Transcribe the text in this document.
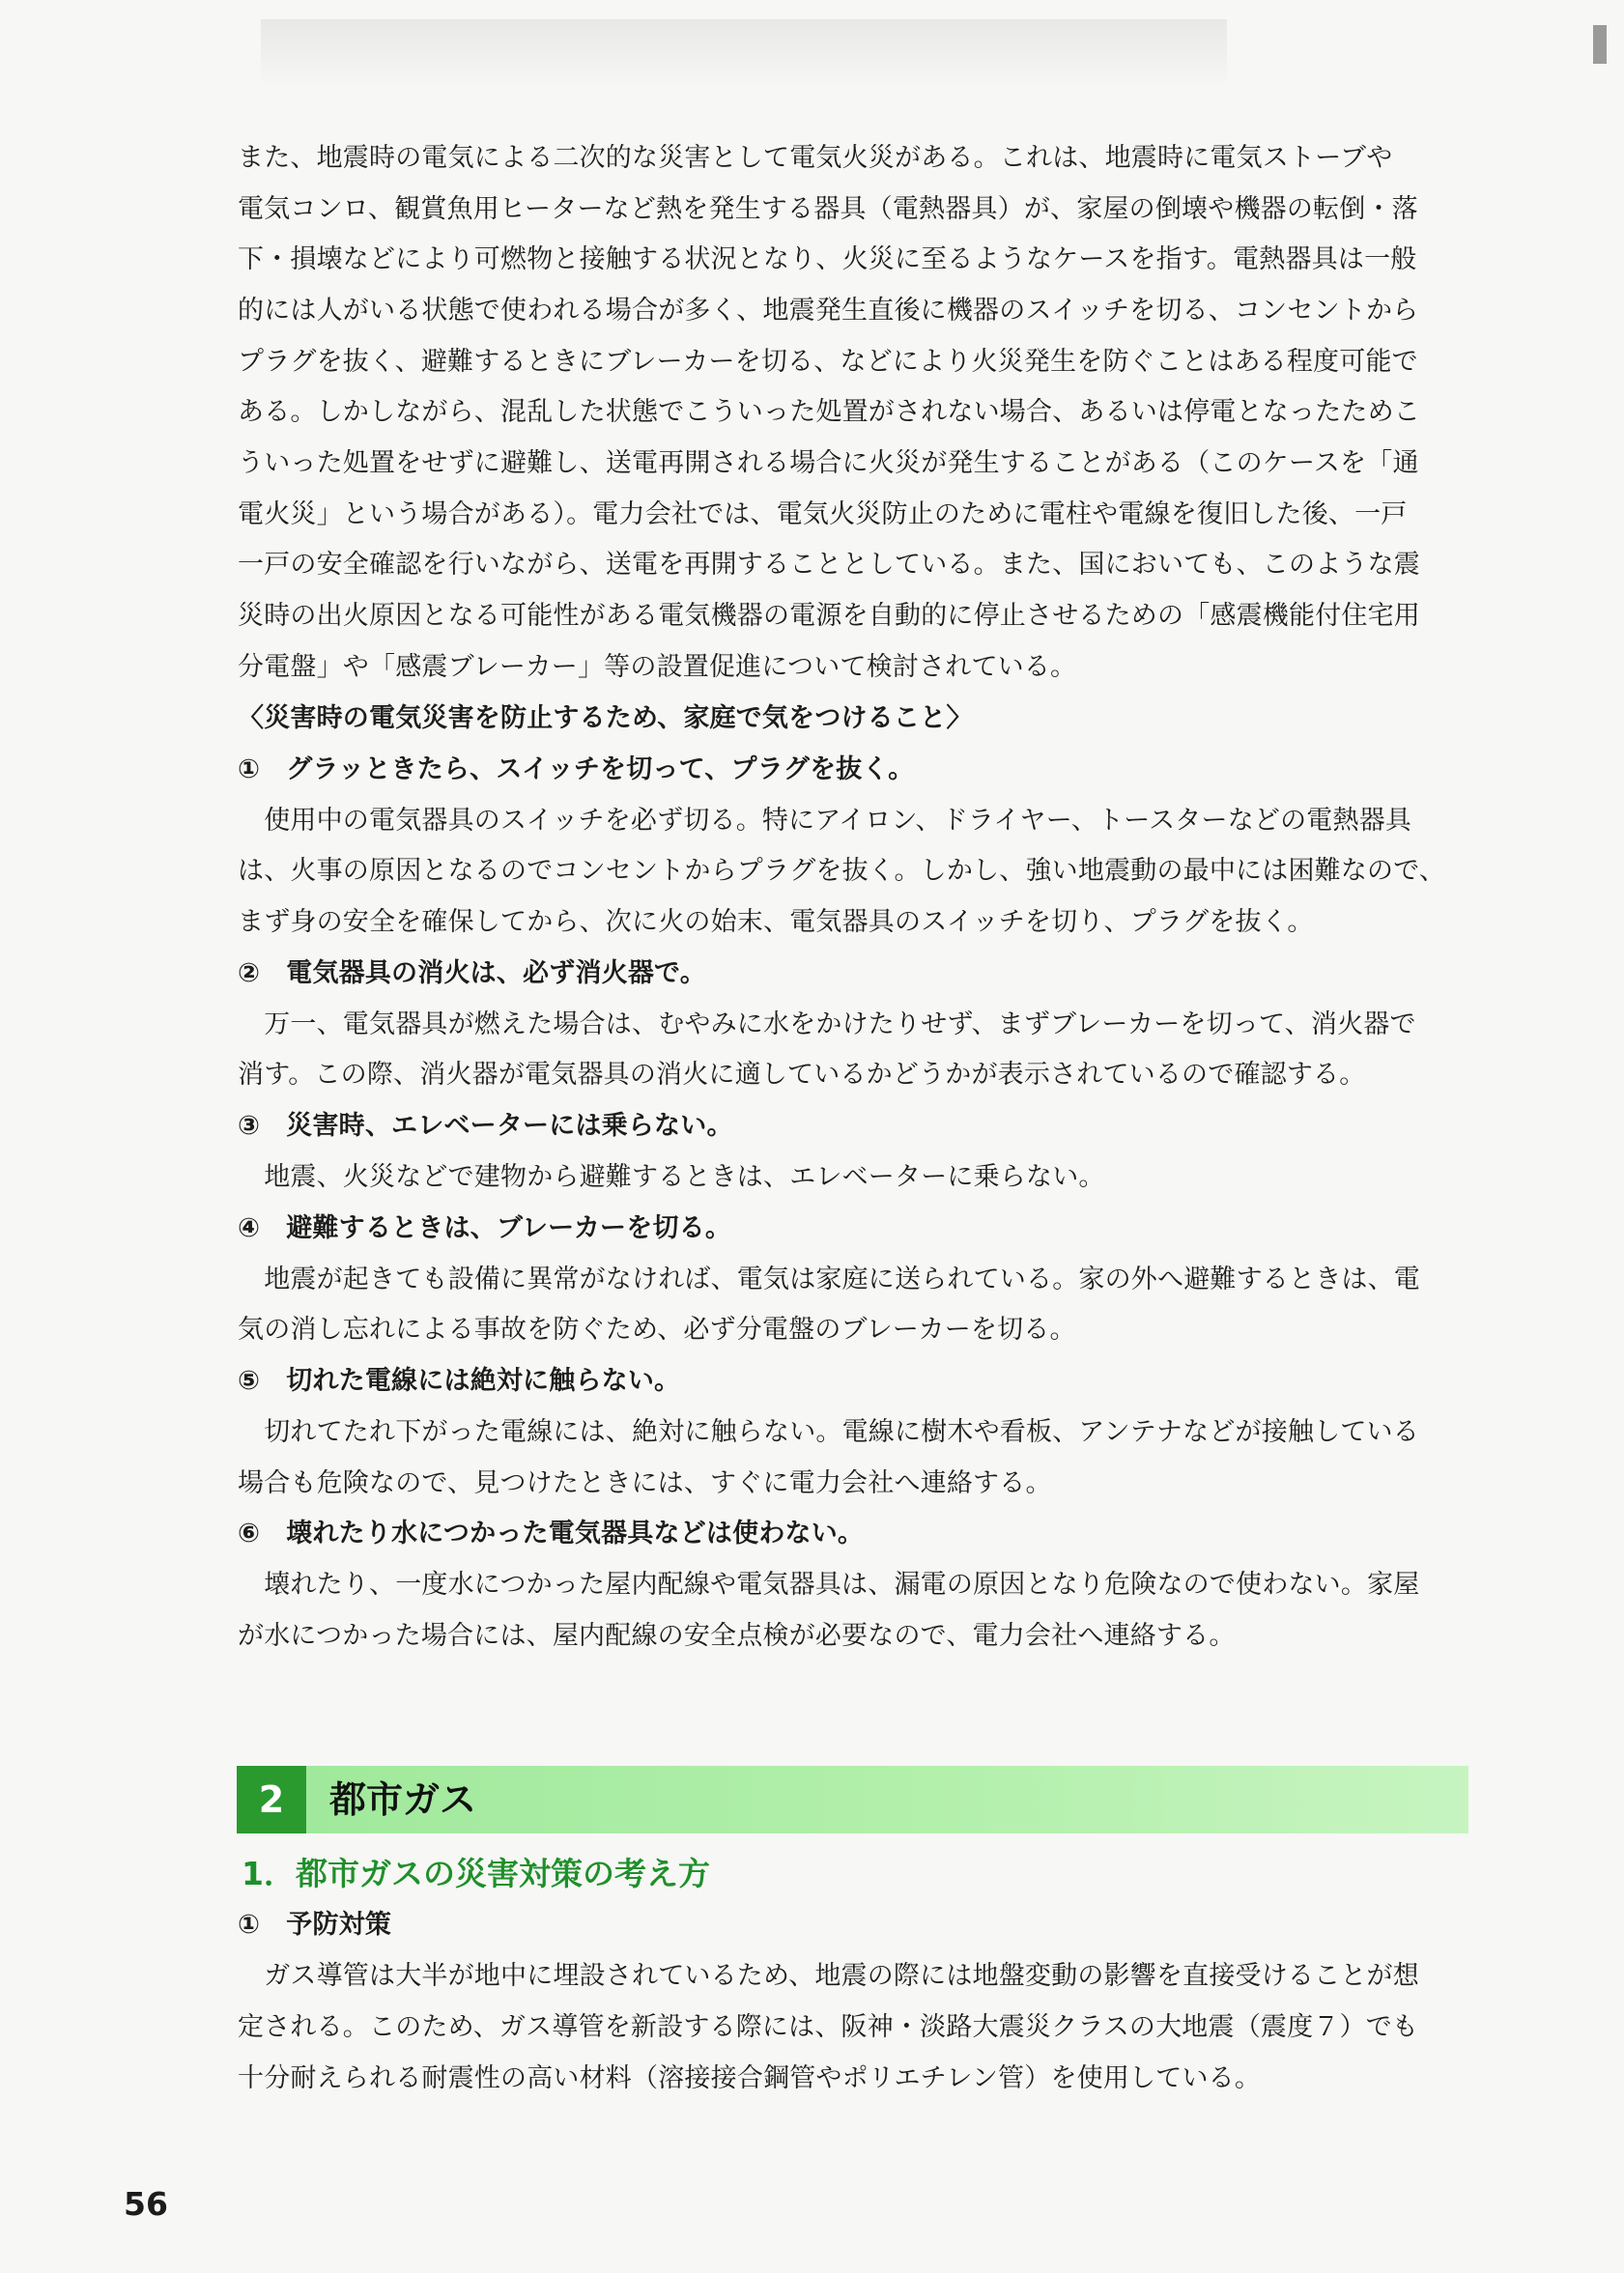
また、地震時の電気による二次的な災害として電気火災がある。これは、地震時に電気ストーブや
電気コンロ、観賞魚用ヒーターなど熱を発生する器具（電熱器具）が、家屋の倒壊や機器の転倒・落
下・損壊などにより可燃物と接触する状況となり、火災に至るようなケースを指す。電熱器具は一般
的には人がいる状態で使われる場合が多く、地震発生直後に機器のスイッチを切る、コンセントから
プラグを抜く、避難するときにブレーカーを切る、などにより火災発生を防ぐことはある程度可能で
ある。しかしながら、混乱した状態でこういった処置がされない場合、あるいは停電となったためこ
ういった処置をせずに避難し、送電再開される場合に火災が発生することがある（このケースを「通
電火災」という場合がある）。電力会社では、電気火災防止のために電柱や電線を復旧した後、一戸
一戸の安全確認を行いながら、送電を再開することとしている。また、国においても、このような震
災時の出火原因となる可能性がある電気機器の電源を自動的に停止させるための「感震機能付住宅用
分電盤」や「感震ブレーカー」等の設置促進について検討されている。
〈災害時の電気災害を防止するため、家庭で気をつけること〉
①　グラッときたら、スイッチを切って、プラグを抜く。
　使用中の電気器具のスイッチを必ず切る。特にアイロン、ドライヤー、トースターなどの電熱器具
は、火事の原因となるのでコンセントからプラグを抜く。しかし、強い地震動の最中には困難なので、
まず身の安全を確保してから、次に火の始末、電気器具のスイッチを切り、プラグを抜く。
②　電気器具の消火は、必ず消火器で。
　万一、電気器具が燃えた場合は、むやみに水をかけたりせず、まずブレーカーを切って、消火器で
消す。この際、消火器が電気器具の消火に適しているかどうかが表示されているので確認する。
③　災害時、エレベーターには乗らない。
　地震、火災などで建物から避難するときは、エレベーターに乗らない。
④　避難するときは、ブレーカーを切る。
　地震が起きても設備に異常がなければ、電気は家庭に送られている。家の外へ避難するときは、電
気の消し忘れによる事故を防ぐため、必ず分電盤のブレーカーを切る。
⑤　切れた電線には絶対に触らない。
　切れてたれ下がった電線には、絶対に触らない。電線に樹木や看板、アンテナなどが接触している
場合も危険なので、見つけたときには、すぐに電力会社へ連絡する。
⑥　壊れたり水につかった電気器具などは使わない。
　壊れたり、一度水につかった屋内配線や電気器具は、漏電の原因となり危険なので使わない。家屋
が水につかった場合には、屋内配線の安全点検が必要なので、電力会社へ連絡する。
2	都市ガス
1．都市ガスの災害対策の考え方
①　予防対策
　ガス導管は大半が地中に埋設されているため、地震の際には地盤変動の影響を直接受けることが想
定される。このため、ガス導管を新設する際には、阪神・淡路大震災クラスの大地震（震度７）でも
十分耐えられる耐震性の高い材料（溶接接合鋼管やポリエチレン管）を使用している。
56
